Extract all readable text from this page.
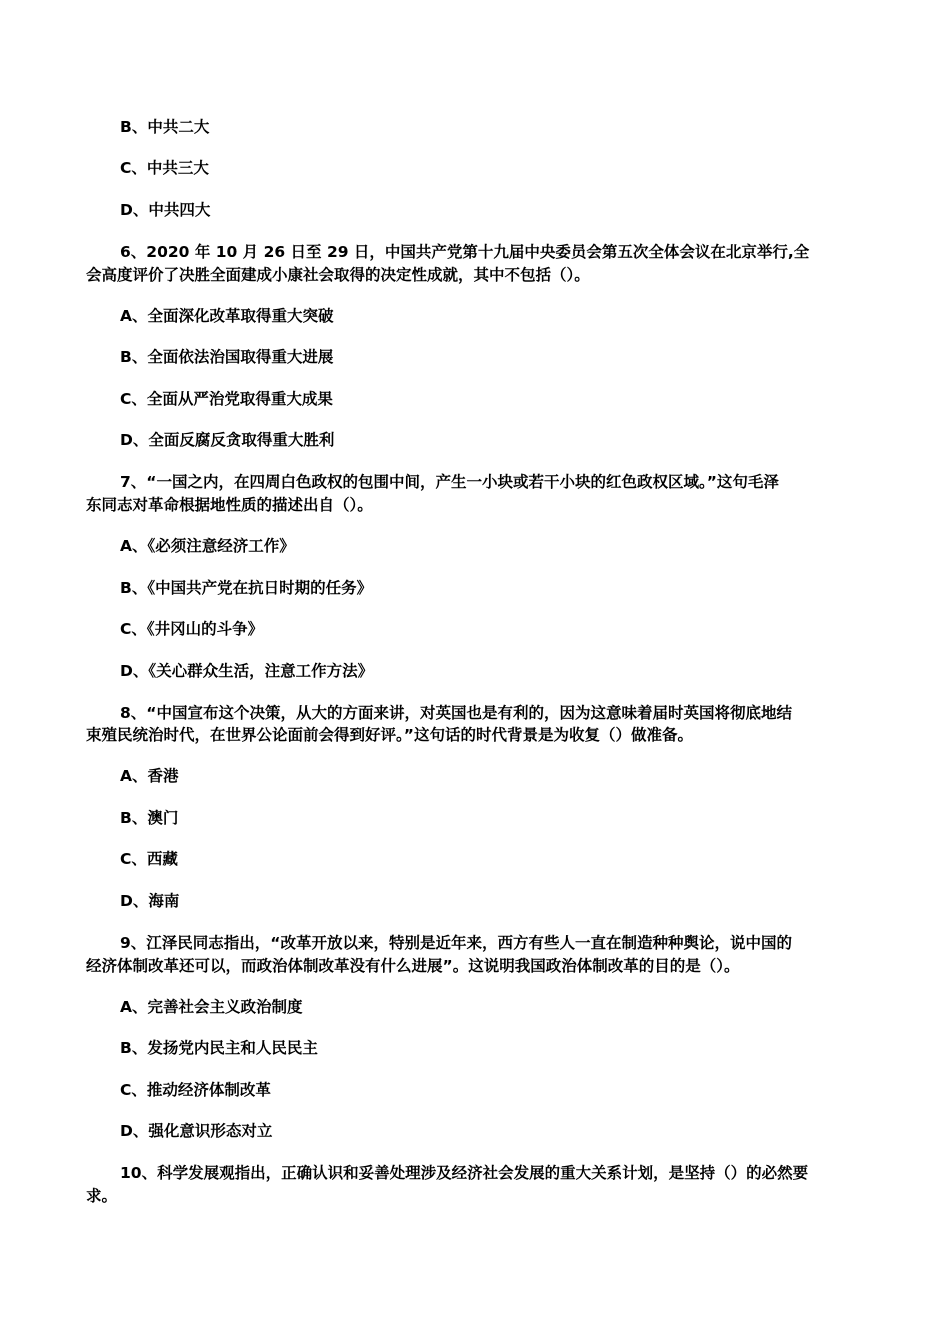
B、中共二大
C、中共三大
D、中共四大
6、2020 年 10 月 26 日至 29 日，中国共产党第十九届中央委员会第五次全体会议在北京举行,全
会高度评价了决胜全面建成小康社会取得的决定性成就，其中不包括（）。
A、全面深化改革取得重大突破
B、全面依法治国取得重大进展
C、全面从严治党取得重大成果
D、全面反腐反贪取得重大胜利
7、“一国之内，在四周白色政权的包围中间，产生一小块或若干小块的红色政权区域。”这句毛泽
东同志对革命根据地性质的描述出自（）。
A、《必须注意经济工作》
B、《中国共产党在抗日时期的任务》
C、《井冈山的斗争》
D、《关心群众生活，注意工作方法》
8、“中国宣布这个决策，从大的方面来讲，对英国也是有利的，因为这意味着届时英国将彻底地结
束殖民统治时代，在世界公论面前会得到好评。”这句话的时代背景是为收复（）做准备。
A、香港
B、澳门
C、西藏
D、海南
9、江泽民同志指出，“改革开放以来，特别是近年来，西方有些人一直在制造种种舆论，说中国的
经济体制改革还可以，而政治体制改革没有什么进展”。这说明我国政治体制改革的目的是（）。
A、完善社会主义政治制度
B、发扬党内民主和人民民主
C、推动经济体制改革
D、强化意识形态对立
10、科学发展观指出，正确认识和妥善处理涉及经济社会发展的重大关系计划，是坚持（）的必然要
求。
